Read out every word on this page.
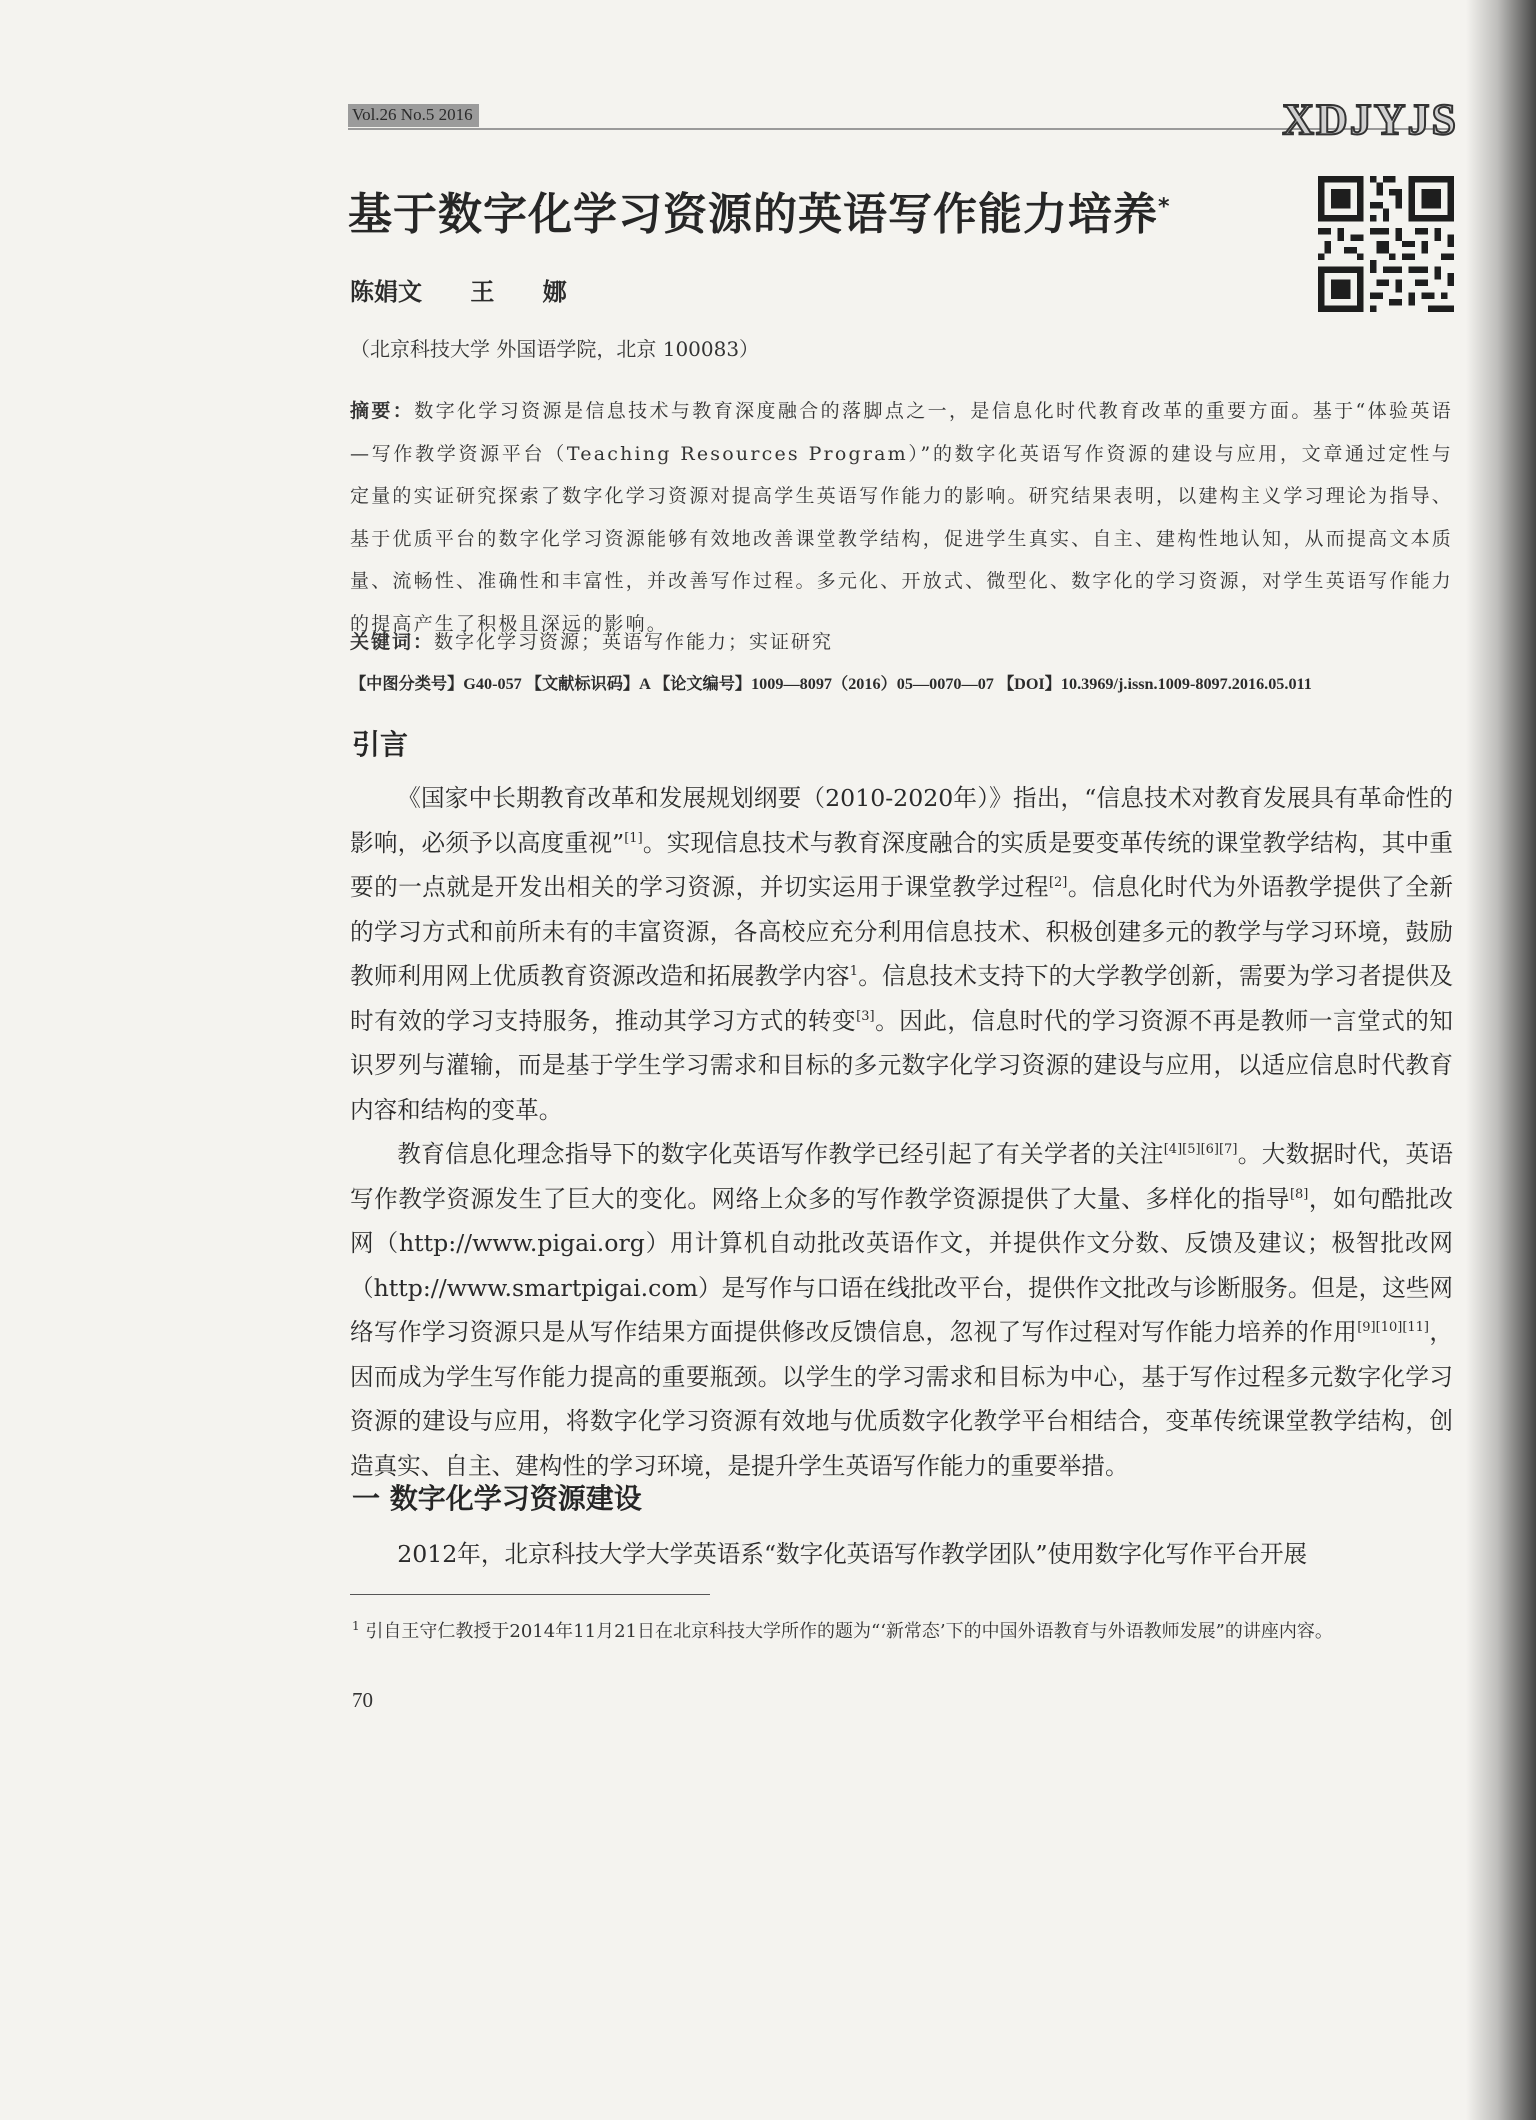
Vol.26 No.5 2016	XDJYJS
基于数字化学习资源的英语写作能力培养*
陈娟文 王 娜
（北京科技大学 外国语学院，北京 100083）
摘要：数字化学习资源是信息技术与教育深度融合的落脚点之一，是信息化时代教育改革的重要方面。基于“体验英语—写作教学资源平台（Teaching Resources Program）”的数字化英语写作资源的建设与应用，文章通过定性与定量的实证研究探索了数字化学习资源对提高学生英语写作能力的影响。研究结果表明，以建构主义学习理论为指导、基于优质平台的数字化学习资源能够有效地改善课堂教学结构，促进学生真实、自主、建构性地认知，从而提高文本质量、流畅性、准确性和丰富性，并改善写作过程。多元化、开放式、微型化、数字化的学习资源，对学生英语写作能力的提高产生了积极且深远的影响。
关键词：数字化学习资源；英语写作能力；实证研究
【中图分类号】G40-057 【文献标识码】A 【论文编号】1009—8097（2016）05—0070—07 【DOI】10.3969/j.issn.1009-8097.2016.05.011
引言

《国家中长期教育改革和发展规划纲要（2010-2020年）》指出，“信息技术对教育发展具有革命性的影响，必须予以高度重视”[1]。实现信息技术与教育深度融合的实质是要变革传统的课堂教学结构，其中重要的一点就是开发出相关的学习资源，并切实运用于课堂教学过程[2]。信息化时代为外语教学提供了全新的学习方式和前所未有的丰富资源，各高校应充分利用信息技术、积极创建多元的教学与学习环境，鼓励教师利用网上优质教育资源改造和拓展教学内容$^1$。信息技术支持下的大学教学创新，需要为学习者提供及时有效的学习支持服务，推动其学习方式的转变[3]。因此，信息时代的学习资源不再是教师一言堂式的知识罗列与灌输，而是基于学生学习需求和目标的多元数字化学习资源的建设与应用，以适应信息时代教育内容和结构的变革。

教育信息化理念指导下的数字化英语写作教学已经引起了有关学者的关注[4][5][6][7]。大数据时代，英语写作教学资源发生了巨大的变化。网络上众多的写作教学资源提供了大量、多样化的指导[8]，如句酷批改网（http://www.pigai.org）用计算机自动批改英语作文，并提供作文分数、反馈及建议；极智批改网（http://www.smartpigai.com）是写作与口语在线批改平台，提供作文批改与诊断服务。但是，这些网络写作学习资源只是从写作结果方面提供修改反馈信息，忽视了写作过程对写作能力培养的作用[9][10][11]，因而成为学生写作能力提高的重要瓶颈。以学生的学习需求和目标为中心，基于写作过程多元数字化学习资源的建设与应用，将数字化学习资源有效地与优质数字化教学平台相结合，变革传统课堂教学结构，创造真实、自主、建构性的学习环境，是提升学生英语写作能力的重要举措。

一 数字化学习资源建设

2012年，北京科技大学大学英语系“数字化英语写作教学团队”使用数字化写作平台开展

$^1$ 引自王守仁教授于2014年11月21日在北京科技大学所作的题为“‘新常态’下的中国外语教育与外语教师发展”的讲座内容。
70
